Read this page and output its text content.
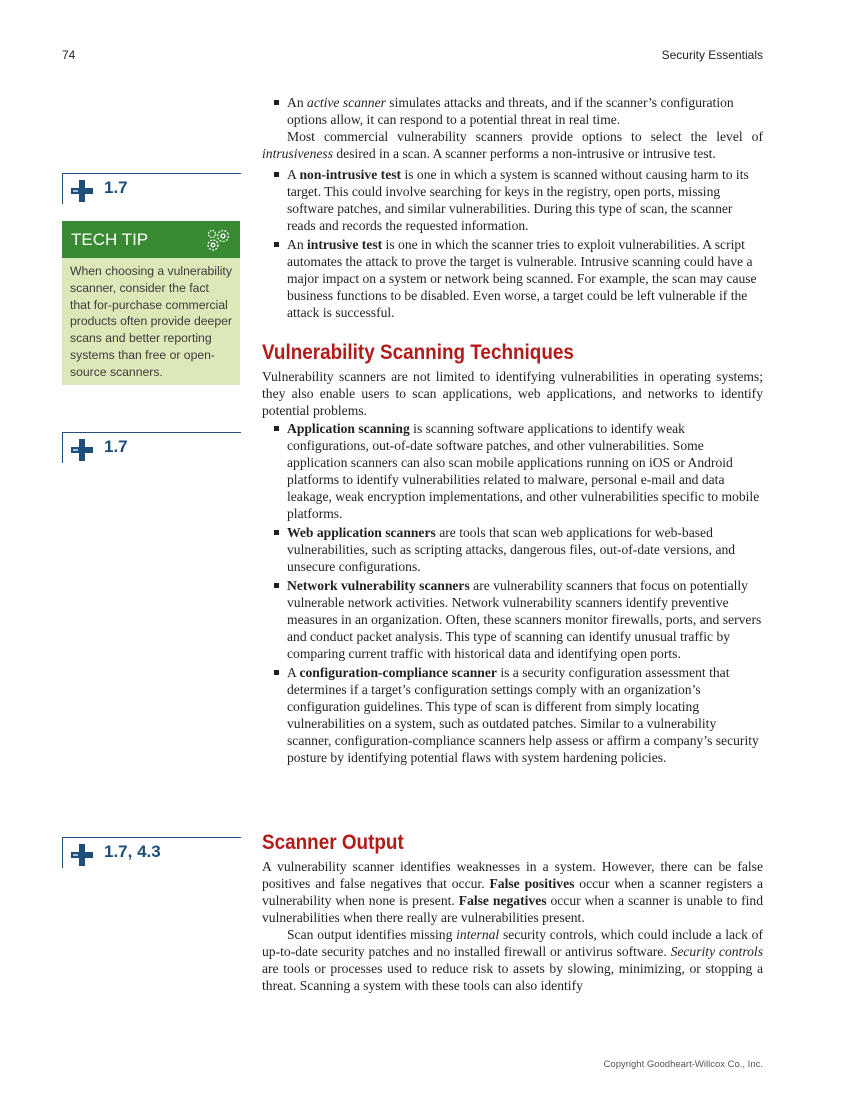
74	Security Essentials
1.7
TECH TIP
When choosing a vulnerability scanner, consider the fact that for-purchase commercial products often provide deeper scans and better reporting systems than free or open-source scanners.
1.7
1.7, 4.3
An active scanner simulates attacks and threats, and if the scanner’s configuration options allow, it can respond to a potential threat in real time.

Most commercial vulnerability scanners provide options to select the level of intrusiveness desired in a scan. A scanner performs a non-intrusive or intrusive test.

A non-intrusive test is one in which a system is scanned without causing harm to its target. This could involve searching for keys in the registry, open ports, missing software patches, and similar vulnerabilities. During this type of scan, the scanner reads and records the requested information.
An intrusive test is one in which the scanner tries to exploit vulnerabilities. A script automates the attack to prove the target is vulnerable. Intrusive scanning could have a major impact on a system or network being scanned. For example, the scan may cause business functions to be disabled. Even worse, a target could be left vulnerable if the attack is successful.
Vulnerability Scanning Techniques

Vulnerability scanners are not limited to identifying vulnerabilities in operating systems; they also enable users to scan applications, web applications, and networks to identify potential problems.

Application scanning is scanning software applications to identify weak configurations, out-of-date software patches, and other vulnerabilities. Some application scanners can also scan mobile applications running on iOS or Android platforms to identify vulnerabilities related to malware, personal e-mail and data leakage, weak encryption implementations, and other vulnerabilities specific to mobile platforms.
Web application scanners are tools that scan web applications for web-based vulnerabilities, such as scripting attacks, dangerous files, out-of-date versions, and unsecure configurations.
Network vulnerability scanners are vulnerability scanners that focus on potentially vulnerable network activities. Network vulnerability scanners identify preventive measures in an organization. Often, these scanners monitor firewalls, ports, and servers and conduct packet analysis. This type of scanning can identify unusual traffic by comparing current traffic with historical data and identifying open ports.
A configuration-compliance scanner is a security configuration assessment that determines if a target’s configuration settings comply with an organization’s configuration guidelines. This type of scan is different from simply locating vulnerabilities on a system, such as outdated patches. Similar to a vulnerability scanner, configuration-compliance scanners help assess or affirm a company’s security posture by identifying potential flaws with system hardening policies.
Scanner Output

A vulnerability scanner identifies weaknesses in a system. However, there can be false positives and false negatives that occur. False positives occur when a scanner registers a vulnerability when none is present. False negatives occur when a scanner is unable to find vulnerabilities when there really are vulnerabilities present.

Scan output identifies missing internal security controls, which could include a lack of up-to-date security patches and no installed firewall or antivirus software. Security controls are tools or processes used to reduce risk to assets by slowing, minimizing, or stopping a threat. Scanning a system with these tools can also identify

Copyright Goodheart-Willcox Co., Inc.
